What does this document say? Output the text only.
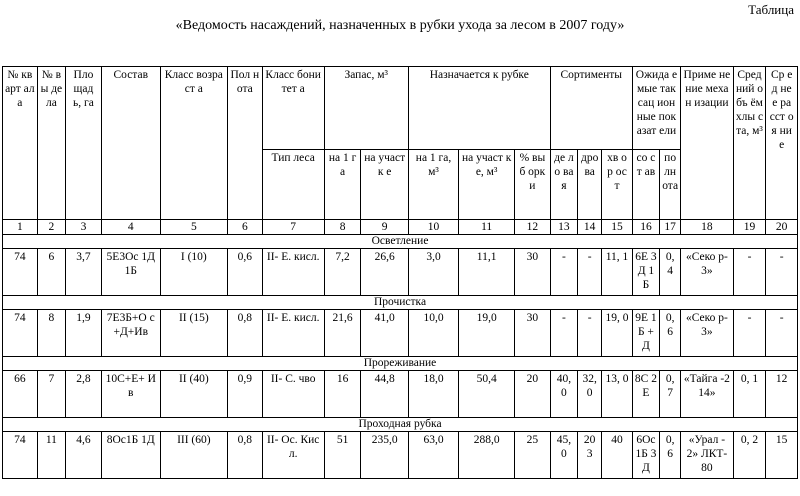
Таблица
«Ведомость насаждений, назначенных в рубки ухода за лесом в 2007 году»
№ кварт ала	№ вы де ла	Пло щад ь, га	Состав	Класс возраст а	Пол нота	Класс бонитет а	Запас, м³		Назначается к рубке			Сортименты			Ожида емые таксац ионные показат ели		Приме нение механ изации	Сред ний объ ём хлы ста, м³	Ср ед не е ра сст оя ни е
						Тип леса	на 1 га	на участк е	на 1 га, м³	на участ ке, м³	% выб орки	де ло ва я	дро ва	хв ор ос т	со ст ав	по лн ота			
1	2	3	4	5	6	7	8	9	10	11	12	13	14	15	16	17	18	19	20
Осветление																			
74	6	3,7	5Е3Ос 1Д1Б	I (10)	0,6	II- Е. кисл.	7,2	26,6	3,0	11,1	30	-	-	11, 1	6Е 3Д 1Б	0, 4	«Секо р-3»	-	-
Прочистка																			
74	8	1,9	7Е3Б+О с+Д+Ив	II (15)	0,8	II- Е. кисл.	21,6	41,0	10,0	19,0	30	-	-	19, 0	9Е 1Б +Д	0, 6	«Секо р-3»	-	-
Прореживание																			
66	7	2,8	10С+Е+ Ив	II (40)	0,9	II- С. чво	16	44,8	18,0	50,4	20	40, 0	32, 0	13, 0	8С 2Е	0, 7	«Тайга -214»	0, 1	12
Проходная рубка																			
74	11	4,6	8Ос1Б 1Д	III (60)	0,8	II- Ос. Кисл.	51	235,0	63,0	288,0	25	45, 0	20 3	40	6Ос 1Б 3Д	0, 6	«Урал -2» ЛКТ- 80	0, 2	15
